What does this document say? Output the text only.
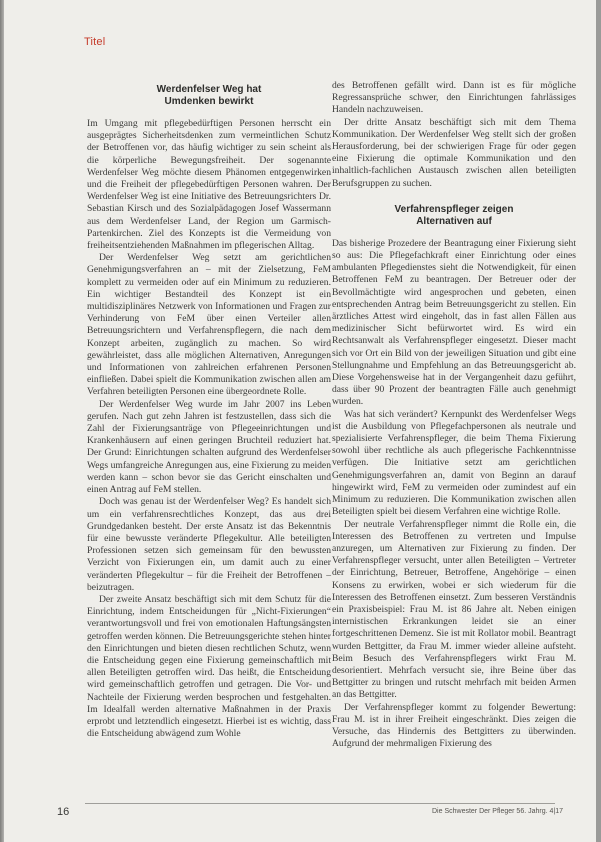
Titel
Werdenfelser Weg hat
Umdenken bewirkt

Im Umgang mit pflegebedürftigen Personen herrscht ein ausgeprägtes Sicherheitsdenken zum vermeintlichen Schutz der Betroffenen vor, das häufig wichtiger zu sein scheint als die körperliche Bewegungsfreiheit. Der sogenannte Werdenfelser Weg möchte diesem Phänomen entgegenwirken und die Freiheit der pflegebedürftigen Personen wahren. Der Werdenfelser Weg ist eine Initiative des Betreuungsrichters Dr. Sebastian Kirsch und des Sozialpädagogen Josef Wassermann aus dem Werdenfelser Land, der Region um Garmisch-Partenkirchen. Ziel des Konzepts ist die Vermeidung von freiheitsentziehenden Maßnahmen im pflegerischen Alltag.

Der Werdenfelser Weg setzt am gerichtlichen Genehmigungsverfahren an – mit der Zielsetzung, FeM komplett zu vermeiden oder auf ein Minimum zu reduzieren. Ein wichtiger Bestandteil des Konzept ist ein multidisziplinäres Netzwerk von Informationen und Fragen zur Verhinderung von FeM über einen Verteiler allen Betreuungsrichtern und Verfahrenspflegern, die nach dem Konzept arbeiten, zugänglich zu machen. So wird gewährleistet, dass alle möglichen Alternativen, Anregungen und Informationen von zahlreichen erfahrenen Personen einfließen. Dabei spielt die Kommunikation zwischen allen am Verfahren beteiligten Personen eine übergeordnete Rolle.

Der Werdenfelser Weg wurde im Jahr 2007 ins Leben gerufen. Nach gut zehn Jahren ist festzustellen, dass sich die Zahl der Fixierungsanträge von Pflegeeinrichtungen und Krankenhäusern auf einen geringen Bruchteil reduziert hat. Der Grund: Einrichtungen schalten aufgrund des Werdenfelser Wegs umfangreiche Anregungen aus, eine Fixierung zu meiden werden kann – schon bevor sie das Gericht einschalten und einen Antrag auf FeM stellen.

Doch was genau ist der Werdenfelser Weg? Es handelt sich um ein verfahrensrechtliches Konzept, das aus drei Grundgedanken besteht. Der erste Ansatz ist das Bekenntnis für eine bewusste veränderte Pflegekultur. Alle beteiligten Professionen setzen sich gemeinsam für den bewussten Verzicht von Fixierungen ein, um damit auch zu einer veränderten Pflegekultur – für die Freiheit der Betroffenen – beizutragen.

Der zweite Ansatz beschäftigt sich mit dem Schutz für die Einrichtung, indem Entscheidungen für „Nicht-Fixierungen“ verantwortungsvoll und frei von emotionalen Haftungsängsten getroffen werden können. Die Betreuungsgerichte stehen hinter den Einrichtungen und bieten diesen rechtlichen Schutz, wenn die Entscheidung gegen eine Fixierung gemeinschaftlich mit allen Beteiligten getroffen wird. Das heißt, die Entscheidung wird gemeinschaftlich getroffen und getragen. Die Vor- und Nachteile der Fixierung werden besprochen und festgehalten. Im Idealfall werden alternative Maßnahmen in der Praxis erprobt und letztendlich eingesetzt. Hierbei ist es wichtig, dass die Entscheidung abwägend zum Wohle

des Betroffenen gefällt wird. Dann ist es für mögliche Regressansprüche schwer, den Einrichtungen fahrlässiges Handeln nachzuweisen.

Der dritte Ansatz beschäftigt sich mit dem Thema Kommunikation. Der Werdenfelser Weg stellt sich der großen Herausforderung, bei der schwierigen Frage für oder gegen eine Fixierung die optimale Kommunikation und den inhaltlich-fachlichen Austausch zwischen allen beteiligten Berufsgruppen zu suchen.

Verfahrenspfleger zeigen
Alternativen auf

Das bisherige Prozedere der Beantragung einer Fixierung sieht so aus: Die Pflegefachkraft einer Einrichtung oder eines ambulanten Pflegedienstes sieht die Notwendigkeit, für einen Betroffenen FeM zu beantragen. Der Betreuer oder der Bevollmächtigte wird angesprochen und gebeten, einen entsprechenden Antrag beim Betreuungsgericht zu stellen. Ein ärztliches Attest wird eingeholt, das in fast allen Fällen aus medizinischer Sicht befürwortet wird. Es wird ein Rechtsanwalt als Verfahrenspfleger eingesetzt. Dieser macht sich vor Ort ein Bild von der jeweiligen Situation und gibt eine Stellungnahme und Empfehlung an das Betreuungsgericht ab. Diese Vorgehensweise hat in der Vergangenheit dazu geführt, dass über 90 Prozent der beantragten Fälle auch genehmigt wurden.

Was hat sich verändert? Kernpunkt des Werdenfelser Wegs ist die Ausbildung von Pflegefachpersonen als neutrale und spezialisierte Verfahrenspfleger, die beim Thema Fixierung sowohl über rechtliche als auch pflegerische Fachkenntnisse verfügen. Die Initiative setzt am gerichtlichen Genehmigungsverfahren an, damit von Beginn an darauf hingewirkt wird, FeM zu vermeiden oder zumindest auf ein Minimum zu reduzieren. Die Kommunikation zwischen allen Beteiligten spielt bei diesem Verfahren eine wichtige Rolle.

Der neutrale Verfahrenspfleger nimmt die Rolle ein, die Interessen des Betroffenen zu vertreten und Impulse anzuregen, um Alternativen zur Fixierung zu finden. Der Verfahrenspfleger versucht, unter allen Beteiligten – Vertreter der Einrichtung, Betreuer, Betroffene, Angehörige – einen Konsens zu erwirken, wobei er sich wiederum für die Interessen des Betroffenen einsetzt. Zum besseren Verständnis ein Praxisbeispiel: Frau M. ist 86 Jahre alt. Neben einigen internistischen Erkrankungen leidet sie an einer fortgeschrittenen Demenz. Sie ist mit Rollator mobil. Beantragt wurden Bettgitter, da Frau M. immer wieder alleine aufsteht. Beim Besuch des Verfahrenspflegers wirkt Frau M. desorientiert. Mehrfach versucht sie, ihre Beine über das Bettgitter zu bringen und rutscht mehrfach mit beiden Armen an das Bettgitter.

Der Verfahrenspfleger kommt zu folgender Bewertung: Frau M. ist in ihrer Freiheit eingeschränkt. Dies zeigen die Versuche, das Hindernis des Bettgitters zu überwinden. Aufgrund der mehrmaligen Fixierung des

16	Die Schwester Der Pfleger 56. Jahrg. 4|17
